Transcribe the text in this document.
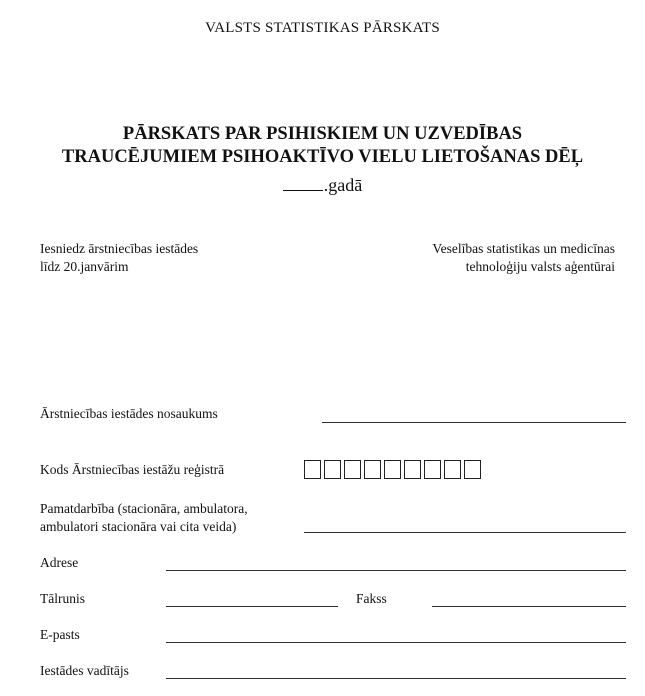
VALSTS STATISTIKAS PĀRSKATS
PĀRSKATS PAR PSIHISKIEM UN UZVEDĪBAS
TRAUCĒJUMIEM PSIHOAKTĪVO VIELU LIETOŠANAS DĒĻ
.gadā
Iesniedz ārstniecības iestādes
līdz 20.janvārim
Veselības statistikas un medicīnas
tehnoloģiju valsts aģentūrai
Ārstniecības iestādes nosaukums
Kods Ārstniecības iestāžu reģistrā
Pamatdarbība (stacionāra, ambulatora,
ambulatori stacionāra vai cita veida)
Adrese
Tālrunis	Fakss
E-pasts
Iestādes vadītājs
